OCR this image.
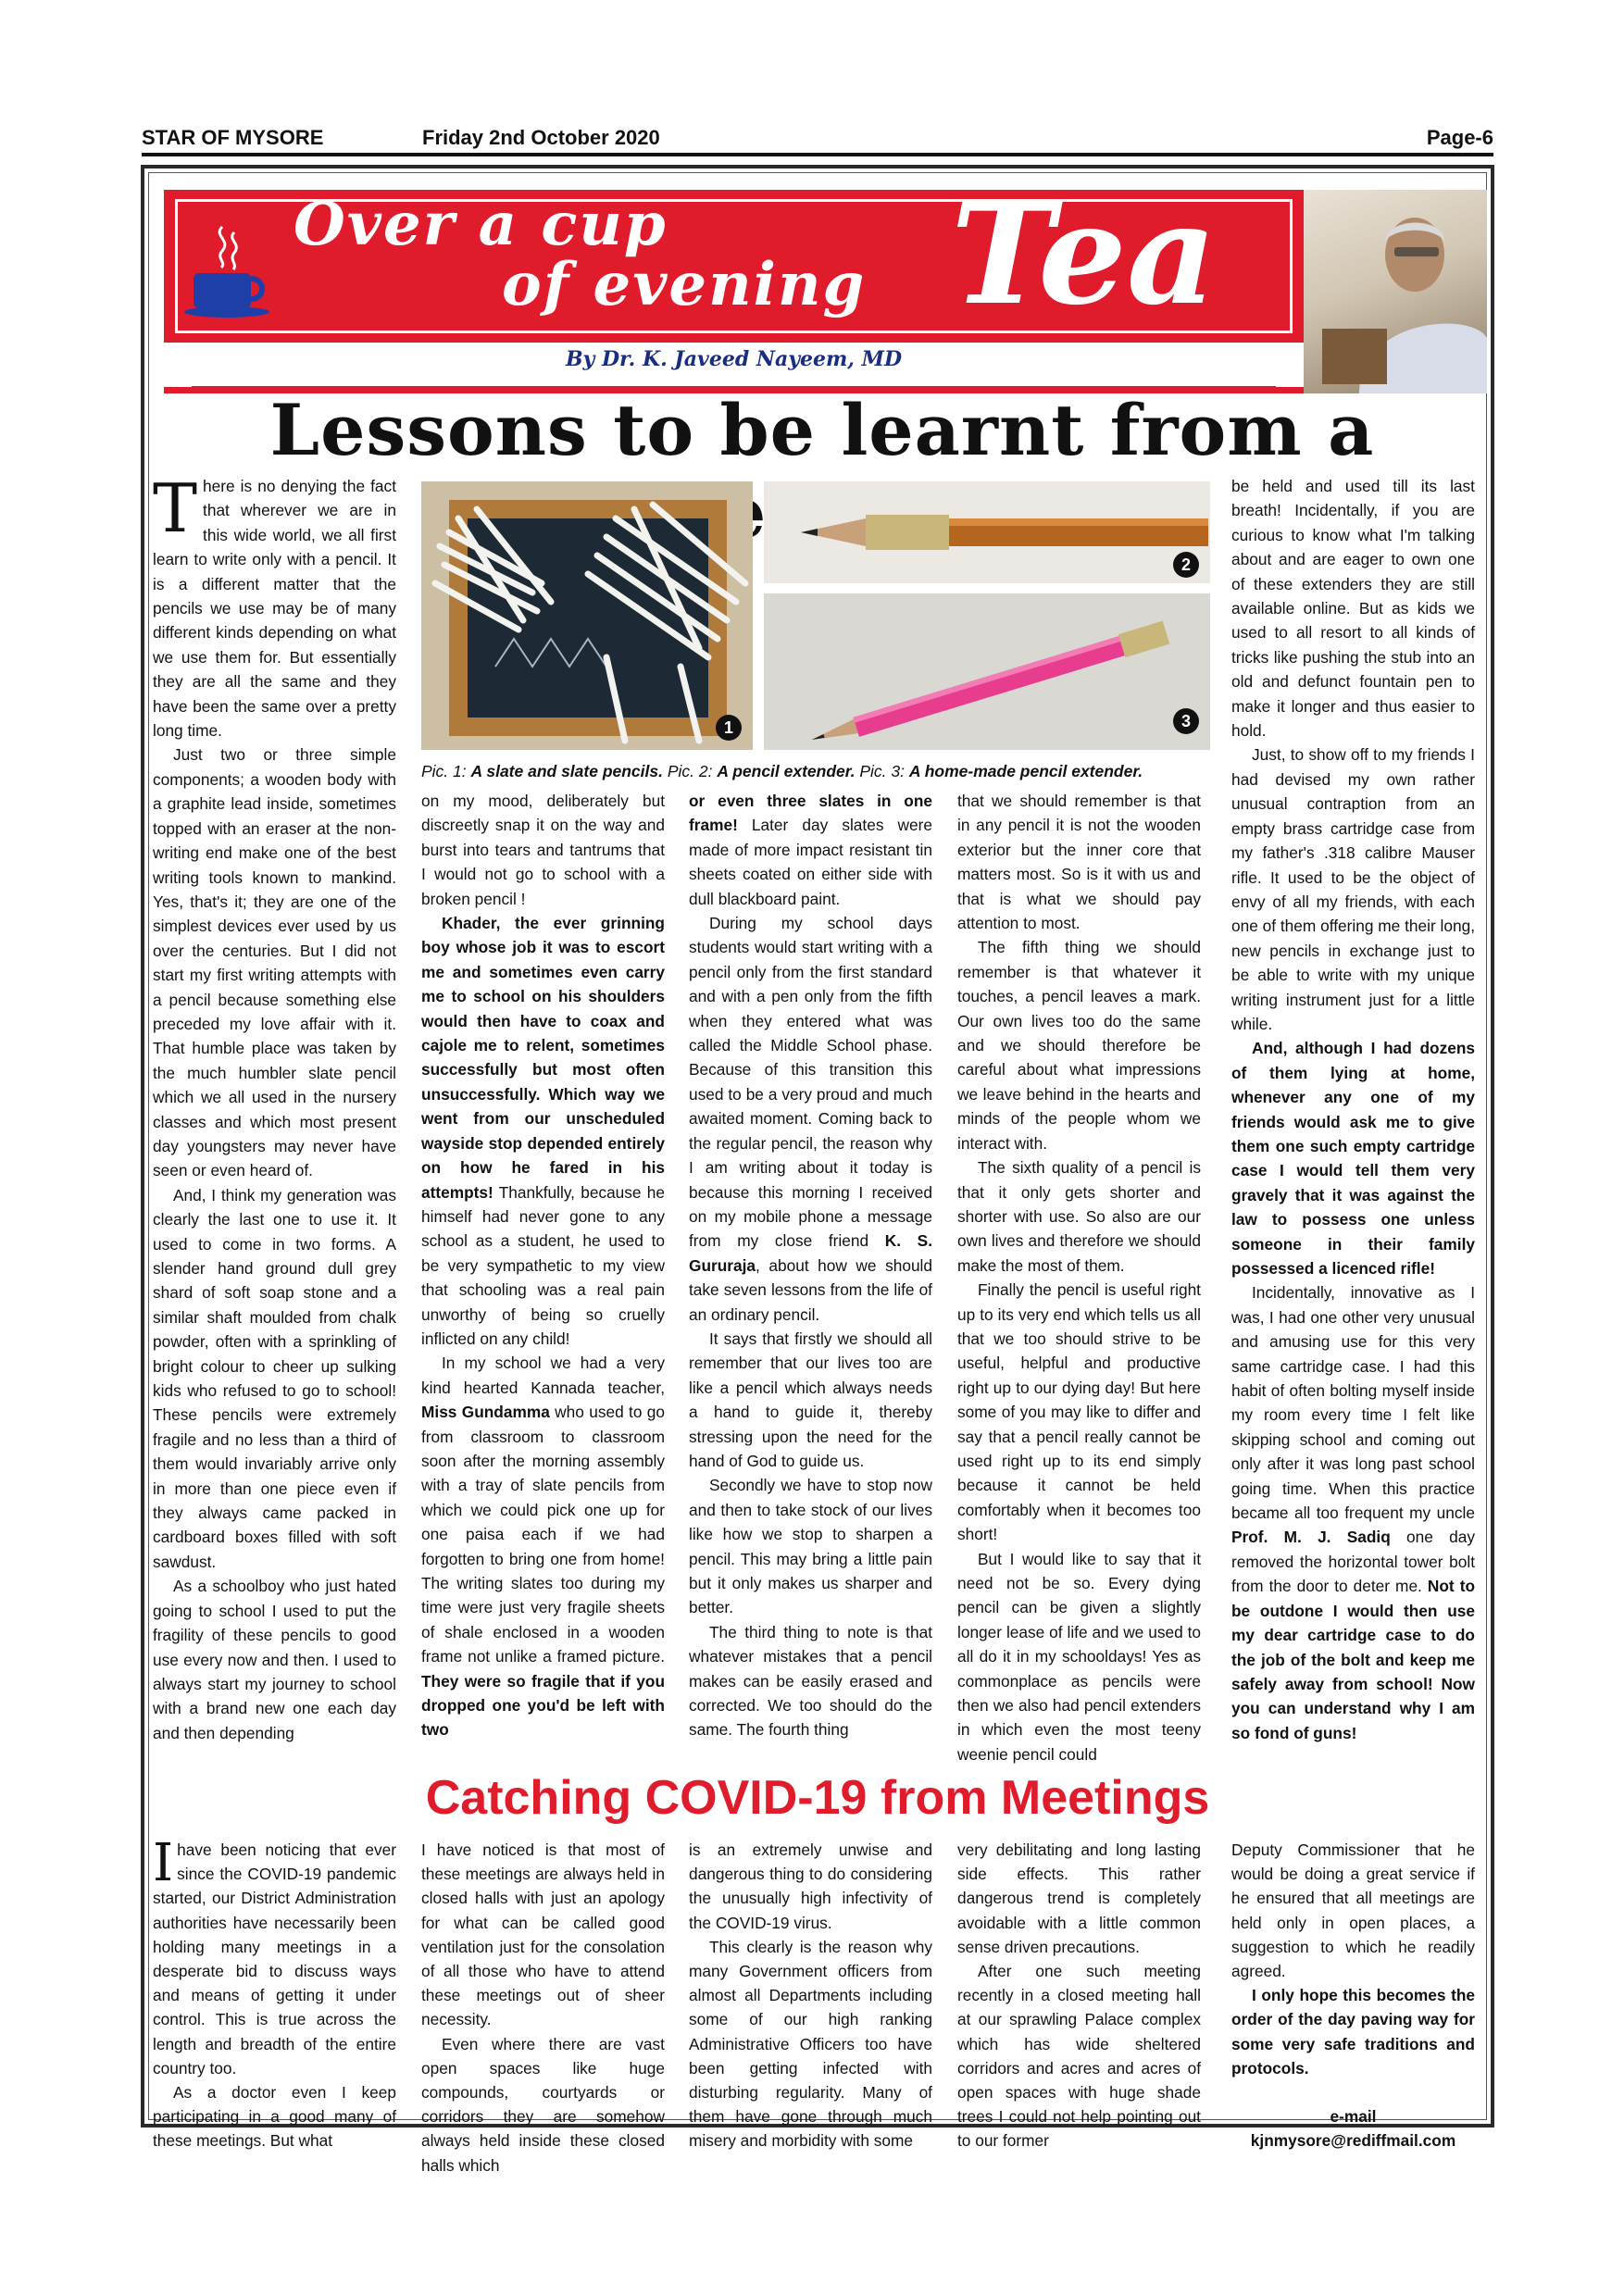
STAR OF MYSORE	Friday 2nd October 2020	Page-6
Over a cup
of evening Tea
By Dr. K. Javeed Nayeem, MD
Lessons to be learnt from a
1
2
3
Pic. 1: A slate and slate pencils. Pic. 2: A pencil extender. Pic. 3: A home-made pencil extender.

There is no denying the fact that wherever we are in this wide world, we all first learn to write only with a pencil. It is a different matter that the pencils we use may be of many different kinds depending on what we use them for. But essentially they are all the same and they have been the same over a pretty long time.

Just two or three simple components; a wooden body with a graphite lead inside, sometimes topped with an eraser at the non-writing end make one of the best writing tools known to mankind. Yes, that's it; they are one of the simplest devices ever used by us over the centuries. But I did not start my first writing attempts with a pencil because something else preceded my love affair with it. That humble place was taken by the much humbler slate pencil which we all used in the nursery classes and which most present day youngsters may never have seen or even heard of.

And, I think my generation was clearly the last one to use it. It used to come in two forms. A slender hand ground dull grey shard of soft soap stone and a similar shaft moulded from chalk powder, often with a sprinkling of bright colour to cheer up sulking kids who refused to go to school! These pencils were extremely fragile and no less than a third of them would invariably arrive only in more than one piece even if they always came packed in cardboard boxes filled with soft sawdust.

As a schoolboy who just hated going to school I used to put the fragility of these pencils to good use every now and then. I used to always start my journey to school with a brand new one each day and then depending

on my mood, deliberately but discreetly snap it on the way and burst into tears and tantrums that I would not go to school with a broken pencil !

Khader, the ever grinning boy whose job it was to escort me and sometimes even carry me to school on his shoulders would then have to coax and cajole me to relent, sometimes successfully but most often unsuccessfully. Which way we went from our unscheduled wayside stop depended entirely on how he fared in his attempts! Thankfully, because he himself had never gone to any school as a student, he used to be very sympathetic to my view that schooling was a real pain unworthy of being so cruelly inflicted on any child!

In my school we had a very kind hearted Kannada teacher, Miss Gundamma who used to go from classroom to classroom soon after the morning assembly with a tray of slate pencils from which we could pick one up for one paisa each if we had forgotten to bring one from home! The writing slates too during my time were just very fragile sheets of shale enclosed in a wooden frame not unlike a framed picture. They were so fragile that if you dropped one you'd be left with two

or even three slates in one frame! Later day slates were made of more impact resistant tin sheets coated on either side with dull blackboard paint.

During my school days students would start writing with a pencil only from the first standard and with a pen only from the fifth when they entered what was called the Middle School phase. Because of this transition this used to be a very proud and much awaited moment. Coming back to the regular pencil, the reason why I am writing about it today is because this morning I received on my mobile phone a message from my close friend K. S. Gururaja, about how we should take seven lessons from the life of an ordinary pencil.

It says that firstly we should all remember that our lives too are like a pencil which always needs a hand to guide it, thereby stressing upon the need for the hand of God to guide us.

Secondly we have to stop now and then to take stock of our lives like how we stop to sharpen a pencil. This may bring a little pain but it only makes us sharper and better.

The third thing to note is that whatever mistakes that a pencil makes can be easily erased and corrected. We too should do the same. The fourth thing

that we should remember is that in any pencil it is not the wooden exterior but the inner core that matters most. So is it with us and that is what we should pay attention to most.

The fifth thing we should remember is that whatever it touches, a pencil leaves a mark. Our own lives too do the same and we should therefore be careful about what impressions we leave behind in the hearts and minds of the people whom we interact with.

The sixth quality of a pencil is that it only gets shorter and shorter with use. So also are our own lives and therefore we should make the most of them.

Finally the pencil is useful right up to its very end which tells us all that we too should strive to be useful, helpful and productive right up to our dying day! But here some of you may like to differ and say that a pencil really cannot be used right up to its end simply because it cannot be held comfortably when it becomes too short!

But I would like to say that it need not be so. Every dying pencil can be given a slightly longer lease of life and we used to all do it in my schooldays! Yes as commonplace as pencils were then we also had pencil extenders in which even the most teeny weenie pencil could

be held and used till its last breath! Incidentally, if you are curious to know what I'm talking about and are eager to own one of these extenders they are still available online. But as kids we used to all resort to all kinds of tricks like pushing the stub into an old and defunct fountain pen to make it longer and thus easier to hold.

Just, to show off to my friends I had devised my own rather unusual contraption from an empty brass cartridge case from my father's .318 calibre Mauser rifle. It used to be the object of envy of all my friends, with each one of them offering me their long, new pencils in exchange just to be able to write with my unique writing instrument just for a little while.

And, although I had dozens of them lying at home, whenever any one of my friends would ask me to give them one such empty cartridge case I would tell them very gravely that it was against the law to possess one unless someone in their family possessed a licenced rifle!

Incidentally, innovative as I was, I had one other very unusual and amusing use for this very same cartridge case. I had this habit of often bolting myself inside my room every time I felt like skipping school and coming out only after it was long past school going time. When this practice became all too frequent my uncle Prof. M. J. Sadiq one day removed the horizontal tower bolt from the door to deter me. Not to be outdone I would then use my dear cartridge case to do the job of the bolt and keep me safely away from school! Now you can understand why I am so fond of guns!

Catching COVID-19 from Meetings

Ihave been noticing that ever since the COVID-19 pandemic started, our District Administration authorities have necessarily been holding many meetings in a desperate bid to discuss ways and means of getting it under control. This is true across the length and breadth of the entire country too.

As a doctor even I keep participating in a good many of these meetings. But what

I have noticed is that most of these meetings are always held in closed halls with just an apology for what can be called good ventilation just for the consolation of all those who have to attend these meetings out of sheer necessity.

Even where there are vast open spaces like huge compounds, courtyards or corridors they are somehow always held inside these closed halls which

is an extremely unwise and dangerous thing to do considering the unusually high infectivity of the COVID-19 virus.

This clearly is the reason why many Government officers from almost all Departments including some of our high ranking Administrative Officers too have been getting infected with disturbing regularity. Many of them have gone through much misery and morbidity with some

very debilitating and long lasting side effects. This rather dangerous trend is completely avoidable with a little common sense driven precautions.

After one such meeting recently in a closed meeting hall at our sprawling Palace complex which has wide sheltered corridors and acres and acres of open spaces with huge shade trees I could not help pointing out to our former

Deputy Commissioner that he would be doing a great service if he ensured that all meetings are held only in open places, a suggestion to which he readily agreed.

I only hope this becomes the order of the day paving way for some very safe traditions and protocols.

e-mail

kjnmysore@rediffmail.com
